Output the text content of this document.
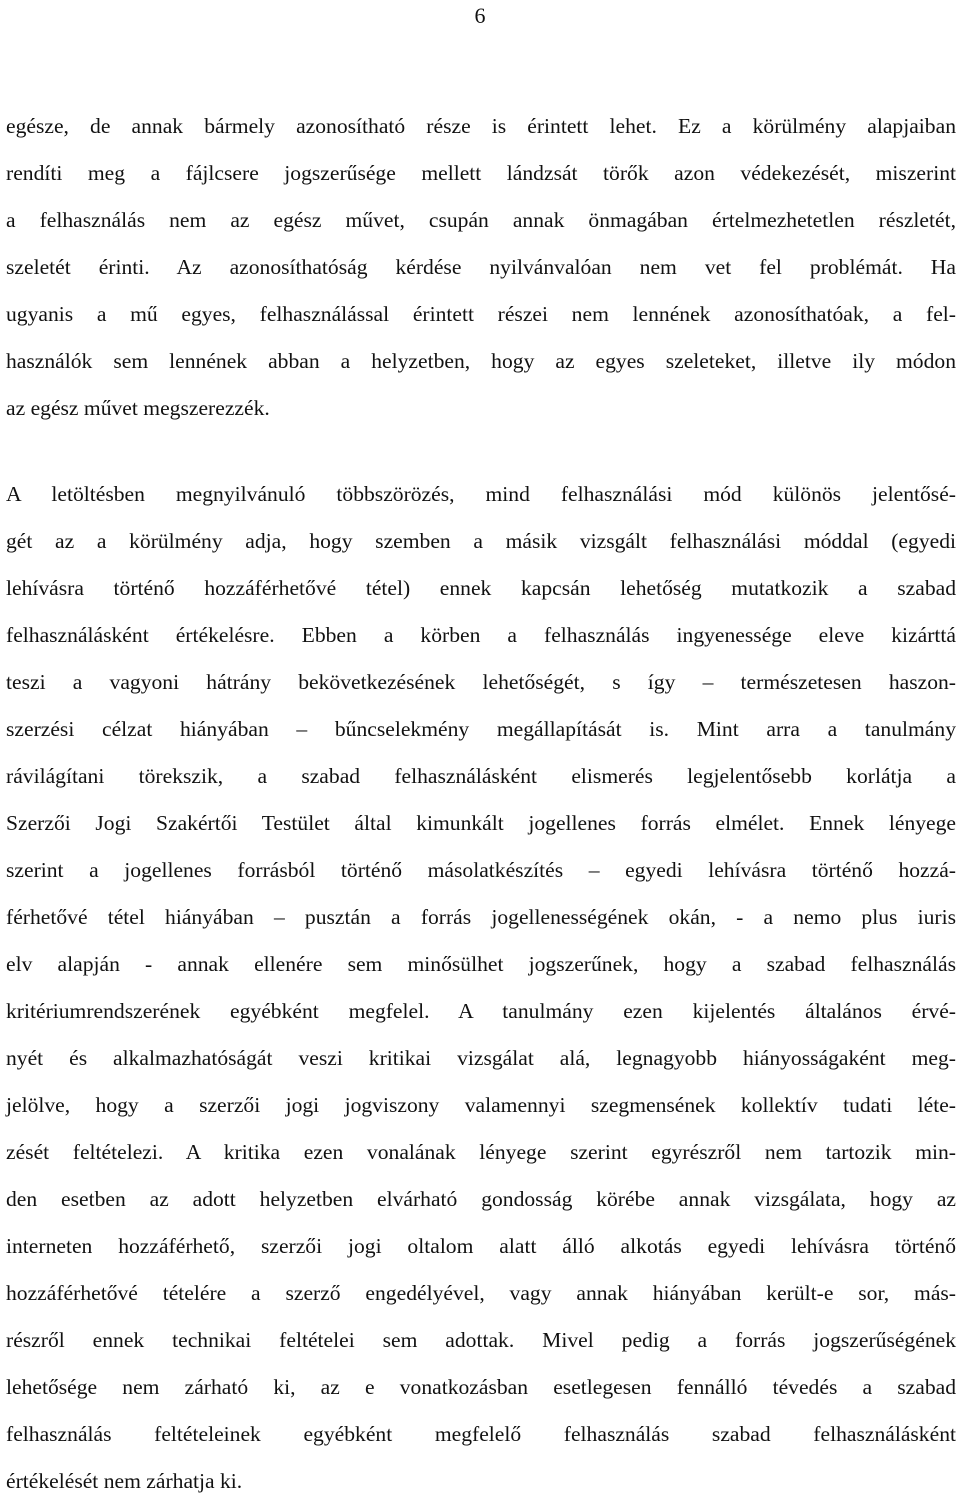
6
egésze, de annak bármely azonosítható része is érintett lehet. Ez a körülmény alapjaiban
rendíti meg a fájlcsere jogszerűsége mellett lándzsát törők azon védekezését, miszerint
a felhasználás nem az egész művet, csupán annak önmagában értelmezhetetlen részletét,
szeletét érinti. Az azonosíthatóság kérdése nyilvánvalóan nem vet fel problémát. Ha
ugyanis a mű egyes, felhasználással érintett részei nem lennének azonosíthatóak, a fel-
használók sem lennének abban a helyzetben, hogy az egyes szeleteket, illetve ily módon
az egész művet megszerezzék.
A letöltésben megnyilvánuló többszörözés, mind felhasználási mód különös jelentősé-
gét az a körülmény adja, hogy szemben a másik vizsgált felhasználási móddal (egyedi
lehívásra történő hozzáférhetővé tétel) ennek kapcsán lehetőség mutatkozik a szabad
felhasználásként értékelésre. Ebben a körben a felhasználás ingyenessége eleve kizárttá
teszi a vagyoni hátrány bekövetkezésének lehetőségét, s így – természetesen haszon-
szerzési célzat hiányában – bűncselekmény megállapítását is. Mint arra a tanulmány
rávilágítani törekszik, a szabad felhasználásként elismerés legjelentősebb korlátja a
Szerzői Jogi Szakértői Testület által kimunkált jogellenes forrás elmélet. Ennek lényege
szerint a jogellenes forrásból történő másolatkészítés – egyedi lehívásra történő hozzá-
férhetővé tétel hiányában – pusztán a forrás jogellenességének okán, - a nemo plus iuris
elv alapján - annak ellenére sem minősülhet jogszerűnek, hogy a szabad felhasználás
kritériumrendszerének egyébként megfelel. A tanulmány ezen kijelentés általános érvé-
nyét és alkalmazhatóságát veszi kritikai vizsgálat alá, legnagyobb hiányosságaként meg-
jelölve, hogy a szerzői jogi jogviszony valamennyi szegmensének kollektív tudati léte-
zését feltételezi. A kritika ezen vonalának lényege szerint egyrészről nem tartozik min-
den esetben az adott helyzetben elvárható gondosság körébe annak vizsgálata, hogy az
interneten hozzáférhető, szerzői jogi oltalom alatt álló alkotás egyedi lehívásra történő
hozzáférhetővé tételére a szerző engedélyével, vagy annak hiányában került-e sor, más-
részről ennek technikai feltételei sem adottak. Mivel pedig a forrás jogszerűségének
lehetősége nem zárható ki, az e vonatkozásban esetlegesen fennálló tévedés a szabad
felhasználás feltételeinek egyébként megfelelő felhasználás szabad felhasználásként
értékelését nem zárhatja ki.
